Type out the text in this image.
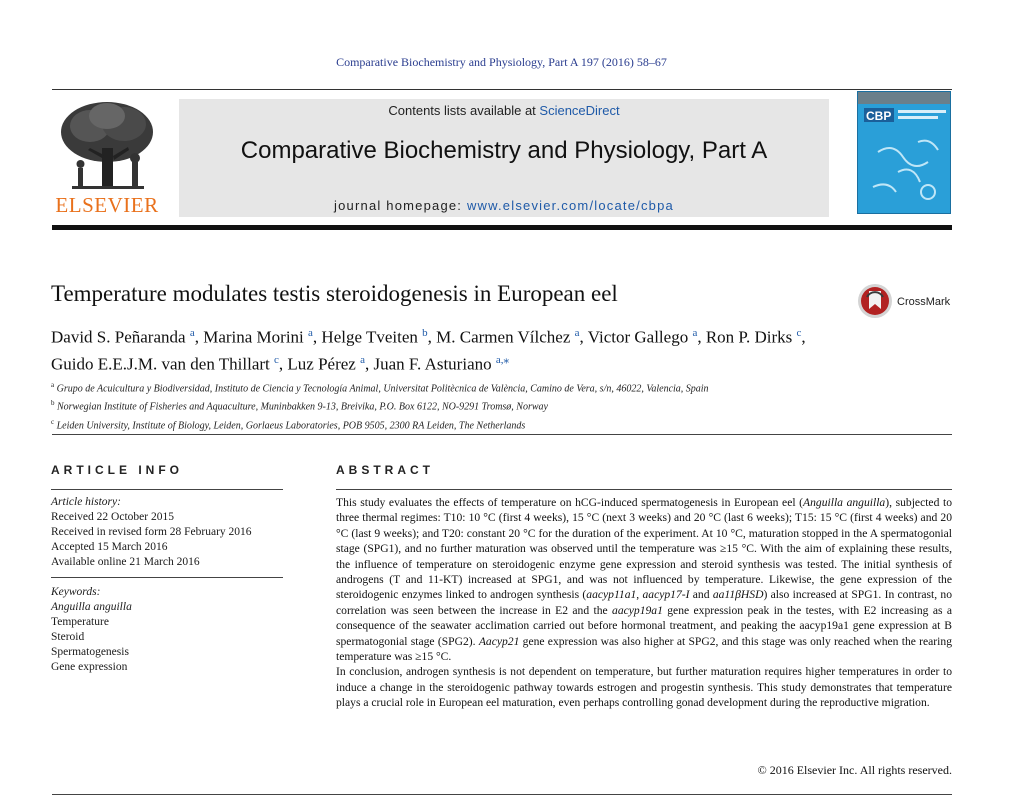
Comparative Biochemistry and Physiology, Part A 197 (2016) 58–67
ELSEVIER
Contents lists available at ScienceDirect
Comparative Biochemistry and Physiology, Part A
journal homepage: www.elsevier.com/locate/cbpa
CBP
Temperature modulates testis steroidogenesis in European eel	CrossMark
David S. Peñaranda $^a$, Marina Morini $^a$, Helge Tveiten $^b$, M. Carmen Vílchez $^a$, Victor Gallego $^a$, Ron P. Dirks $^c$,
Guido E.E.J.M. van den Thillart $^c$, Luz Pérez $^a$, Juan F. Asturiano $^{a,⁎}$
$^a$ Grupo de Acuicultura y Biodiversidad, Instituto de Ciencia y Tecnología Animal, Universitat Politècnica de València, Camino de Vera, s/n, 46022, Valencia, Spain
$^b$ Norwegian Institute of Fisheries and Aquaculture, Muninbakken 9-13, Breivika, P.O. Box 6122, NO-9291 Tromsø, Norway
$^c$ Leiden University, Institute of Biology, Leiden, Gorlaeus Laboratories, POB 9505, 2300 RA Leiden, The Netherlands
ARTICLE INFO
Article history:
Received 22 October 2015
Received in revised form 28 February 2016
Accepted 15 March 2016
Available online 21 March 2016
Keywords:
Anguilla anguilla
Temperature
Steroid
Spermatogenesis
Gene expression
ABSTRACT

This study evaluates the effects of temperature on hCG-induced spermatogenesis in European eel (Anguilla anguilla), subjected to three thermal regimes: T10: 10 °C (first 4 weeks), 15 °C (next 3 weeks) and 20 °C (last 6 weeks); T15: 15 °C (first 4 weeks) and 20 °C (last 9 weeks); and T20: constant 20 °C for the duration of the experiment. At 10 °C, maturation stopped in the A spermatogonial stage (SPG1), and no further maturation was observed until the temperature was ≥15 °C. With the aim of explaining these results, the influence of temperature on steroidogenic enzyme gene expression and steroid synthesis was tested. The initial synthesis of androgens (T and 11-KT) increased at SPG1, and was not influenced by temperature. Likewise, the gene expression of the steroidogenic enzymes linked to androgen synthesis (aacyp11a1, aacyp17-I and aa11βHSD) also increased at SPG1. In contrast, no correlation was seen between the increase in E2 and the aacyp19a1 gene expression peak in the testes, with E2 increasing as a consequence of the seawater acclimation carried out before hormonal treatment, and peaking the aacyp19a1 gene expression at B spermatogonial stage (SPG2). Aacyp21 gene expression was also higher at SPG2, and this stage was only reached when the rearing temperature was ≥15 °C.

In conclusion, androgen synthesis is not dependent on temperature, but further maturation requires higher temperatures in order to induce a change in the steroidogenic pathway towards estrogen and progestin synthesis. This study demonstrates that temperature plays a crucial role in European eel maturation, even perhaps controlling gonad development during the reproductive migration.

© 2016 Elsevier Inc. All rights reserved.
